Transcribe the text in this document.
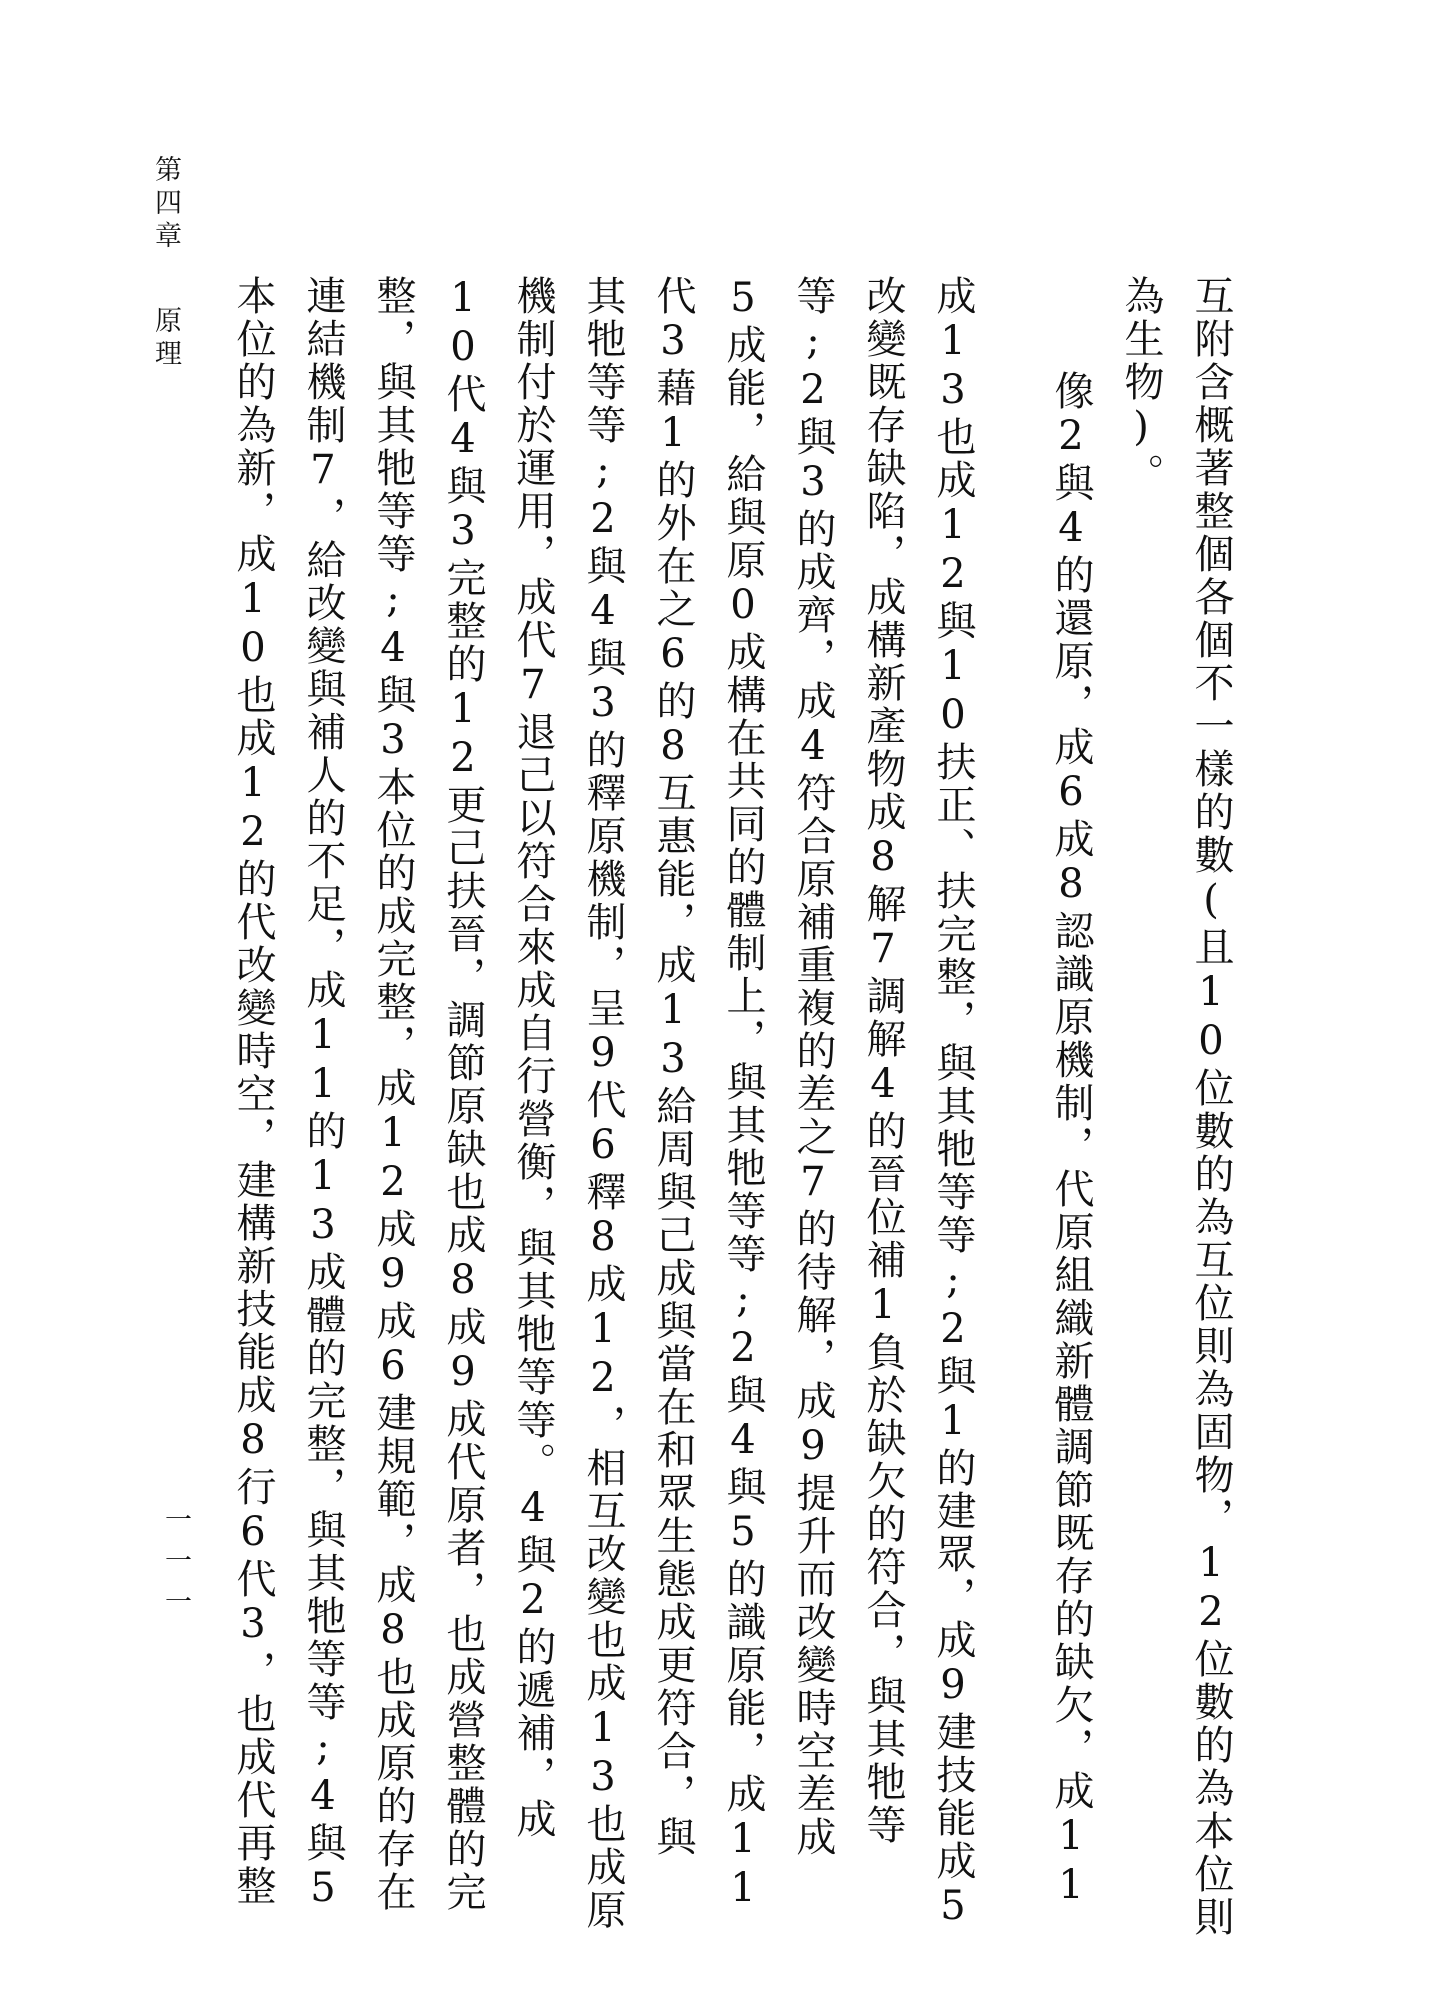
第四章原理
一一一	互附含概著整個各個不一樣的數(且10位數的為互位則為固物，12位數的為本位則
為生物)。
像2與4的還原，成6成8認識原機制，代原組織新體調節既存的缺欠，成11
成13也成12與10扶正、扶完整，與其牠等等;2與1的建眾，成9建技能成5
改變既存缺陷，成構新產物成8解7調解4的晉位補1負於缺欠的符合，與其牠等
等;2與3的成齊，成4符合原補重複的差之7的待解，成9提升而改變時空差成
5成能，給與原0成構在共同的體制上，與其牠等等;2與4與5的識原能，成11
代3藉1的外在之6的8互惠能，成13給周與己成與當在和眾生態成更符合，與
其牠等等;2與4與3的釋原機制，呈9代6釋8成12，相互改變也成13也成原
機制付於運用，成代7退己以符合來成自行營衡，與其牠等等。4與2的遞補，成
10代4與3完整的12更己扶晉，調節原缺也成8成9成代原者，也成營整體的完
整，與其牠等等;4與3本位的成完整，成12成9成6建規範，成8也成原的存在
連結機制7，給改變與補人的不足，成11的13成體的完整，與其牠等等;4與5
本位的為新，成10也成12的代改變時空，建構新技能成8行6代3，也成代再整
